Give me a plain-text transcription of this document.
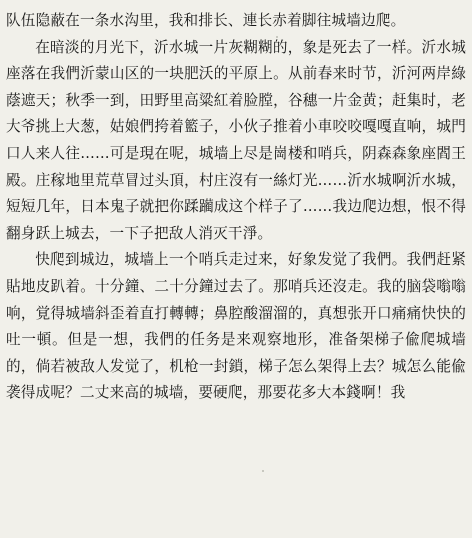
队伍隐蔽在一条水沟里，我和排长、連长赤着脚往城墙边爬。

在暗淡的月光下，沂水城一片灰糊糊的，象是死去了一样。沂水城座落在我們沂蒙山区的一块肥沃的平原上。从前春来时节，沂河两岸綠蔭遮天；秋季一到，田野里高粱紅着脸膛，谷穗一片金黄；赶集时，老大爷挑上大葱，姑娘們挎着籃子，小伙子推着小車咬咬嘎嘎直响，城門口人来人往……可是現在呢，城墙上尽是崗楼和哨兵，阴森森象座閻王殿。庄稼地里荒草冒过头頂，村庄沒有一絲灯光……沂水城啊沂水城，短短几年，日本鬼子就把你蹂躏成这个样子了……我边爬边想，恨不得翻身跃上城去，一下子把敌人消灭干淨。

快爬到城边，城墙上一个哨兵走过来，好象发觉了我們。我們赶紧貼地皮趴着。十分鐘、二十分鐘过去了。那哨兵还沒走。我的脑袋嗡嗡响，覚得城墙斜歪着直打轉轉；鼻腔酸溜溜的，真想张开口痛痛快快的吐一頓。但是一想，我們的任务是来观察地形，准备架梯子偸爬城墙的，倘若被敌人发觉了，机枪一封鎖，梯子怎么架得上去？城怎么能偸袭得成呢？二丈来高的城墙，要硬爬，那要花多大本錢啊！我
